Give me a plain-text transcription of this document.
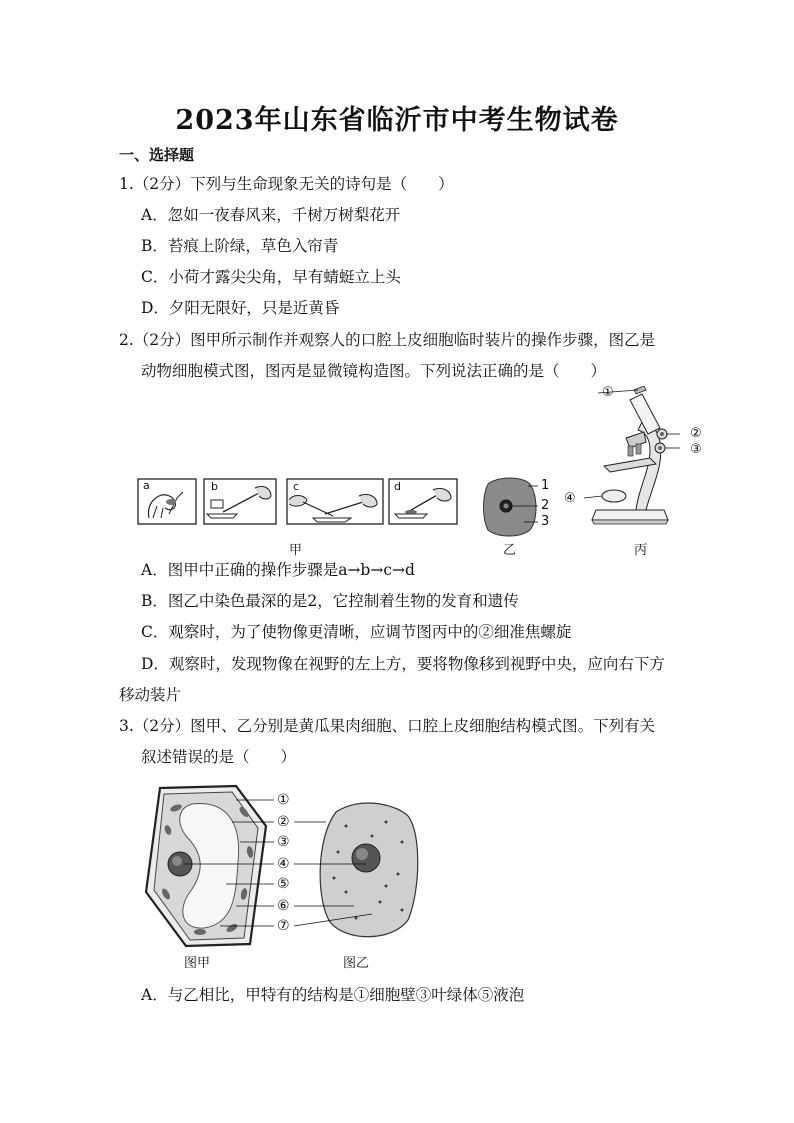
2023年山东省临沂市中考生物试卷
一、选择题
1.（2分）下列与生命现象无关的诗句是（　　）
A．忽如一夜春风来，千树万树梨花开
B．苔痕上阶绿，草色入帘青
C．小荷才露尖尖角，早有蜻蜓立上头
D．夕阳无限好，只是近黄昏
2.（2分）图甲所示制作并观察人的口腔上皮细胞临时装片的操作步骤，图乙是
动物细胞模式图，图丙是显微镜构造图。下列说法正确的是（　　）
a	b	c	d
甲
1
2
3
乙
①
②
③
④
丙
A．图甲中正确的操作步骤是a→b→c→d
B．图乙中染色最深的是2，它控制着生物的发育和遗传
C．观察时，为了使物像更清晰，应调节图丙中的②细准焦螺旋
D．观察时，发现物像在视野的左上方，要将物像移到视野中央，应向右下方
移动装片
3.（2分）图甲、乙分别是黄瓜果肉细胞、口腔上皮细胞结构模式图。下列有关
叙述错误的是（　　）
①
②
③
④
⑤
⑥
⑦
图甲	图乙
A．与乙相比，甲特有的结构是①细胞壁③叶绿体⑤液泡
